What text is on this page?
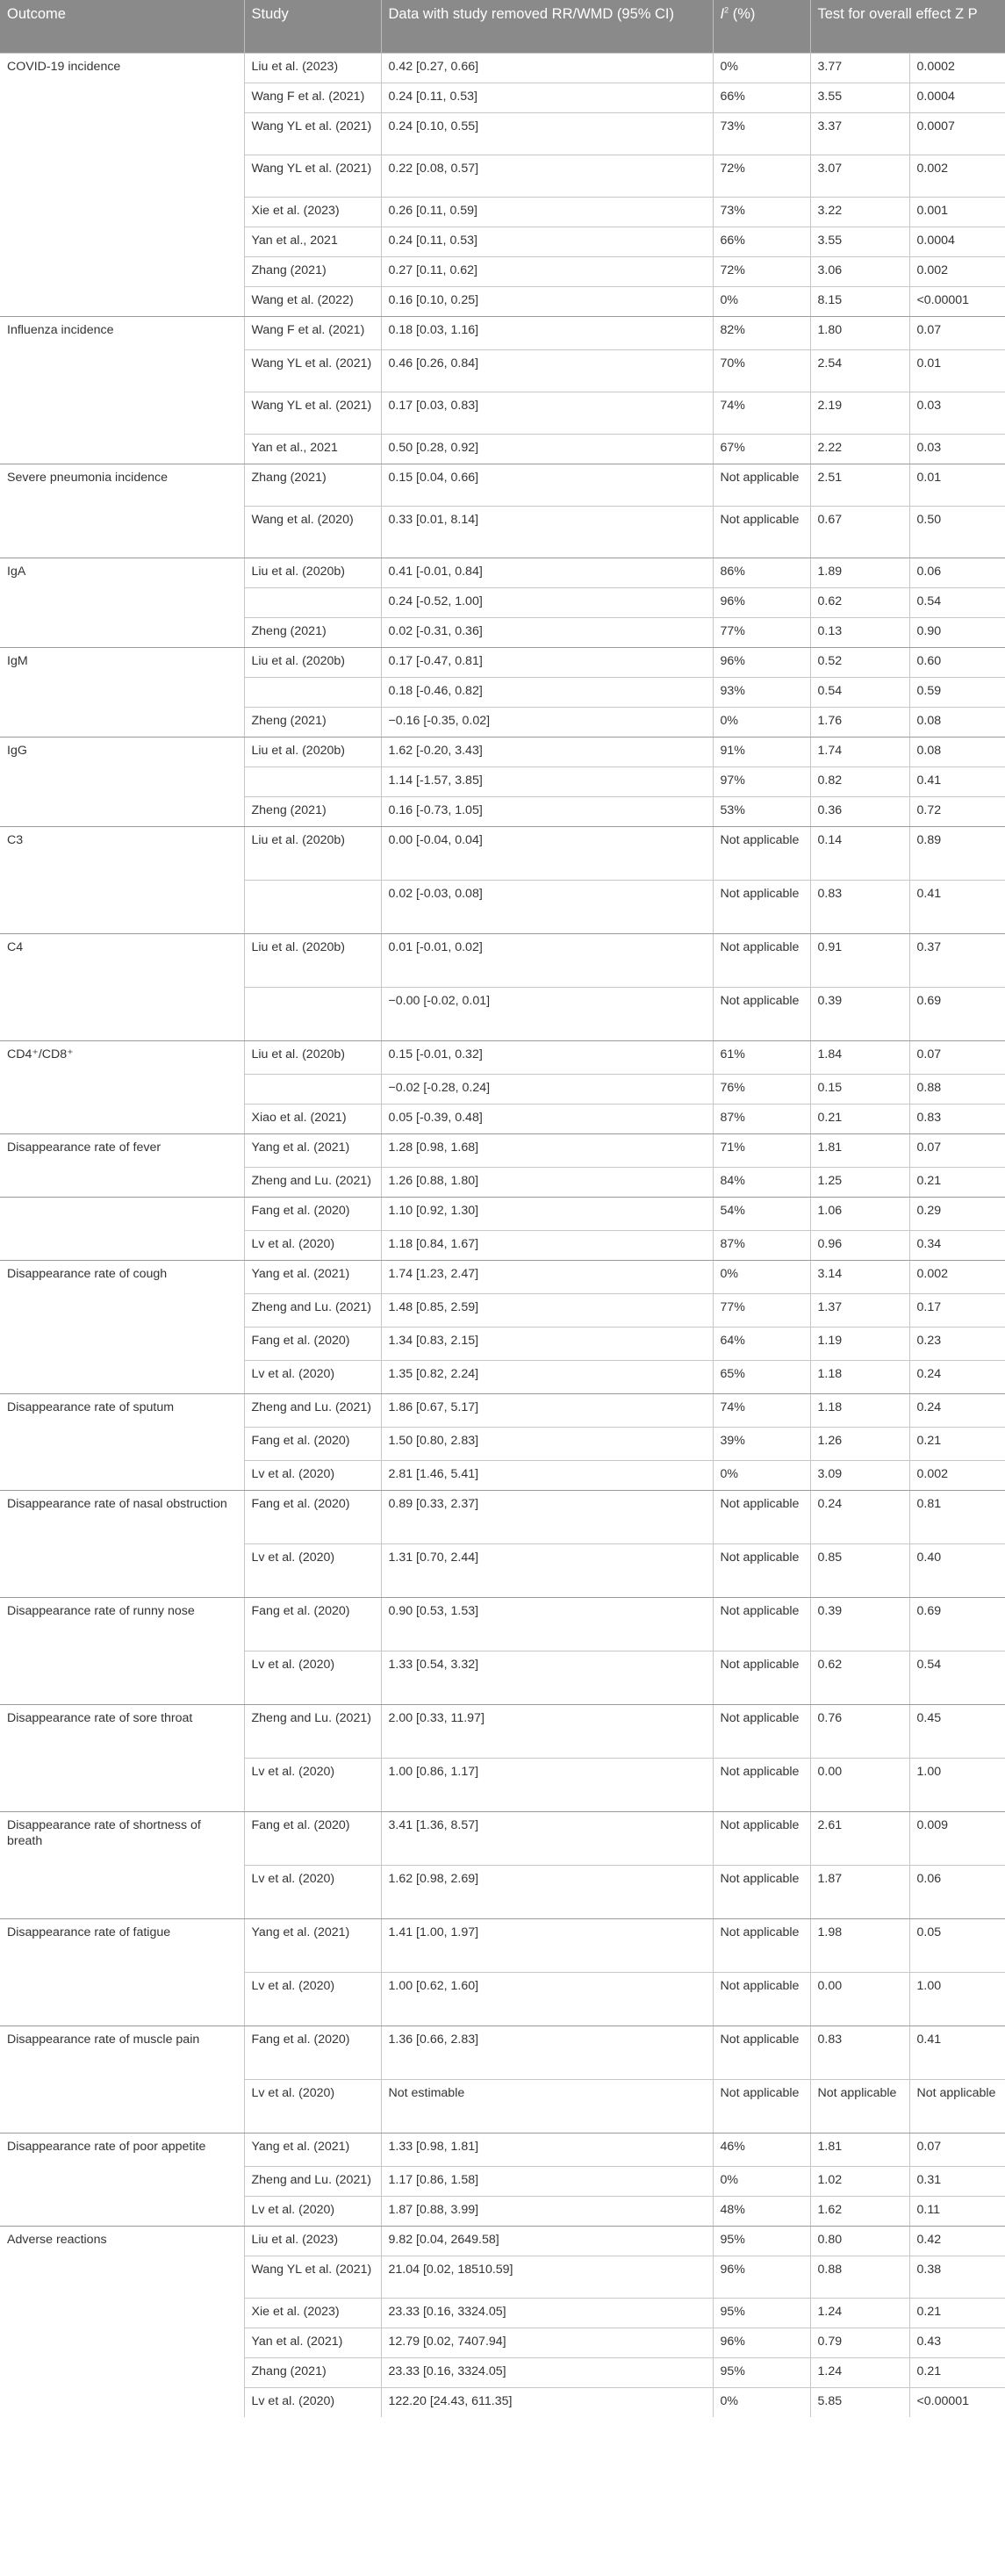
Outcome	Study	Data with study removed RR/WMD (95% CI)	$I^2$ (%)	Test for overall effect Z P	
COVID-19 incidence	Liu et al. (2023)	0.42 [0.27, 0.66]	0%	3.77	0.0002
	Wang F et al. (2021)	0.24 [0.11, 0.53]	66%	3.55	0.0004
	Wang YL et al. (2021)	0.24 [0.10, 0.55]	73%	3.37	0.0007
	Wang YL et al. (2021)	0.22 [0.08, 0.57]	72%	3.07	0.002
	Xie et al. (2023)	0.26 [0.11, 0.59]	73%	3.22	0.001
	Yan et al., 2021	0.24 [0.11, 0.53]	66%	3.55	0.0004
	Zhang (2021)	0.27 [0.11, 0.62]	72%	3.06	0.002
	Wang et al. (2022)	0.16 [0.10, 0.25]	0%	8.15	<0.00001
Influenza incidence	Wang F et al. (2021)	0.18 [0.03, 1.16]	82%	1.80	0.07
	Wang YL et al. (2021)	0.46 [0.26, 0.84]	70%	2.54	0.01
	Wang YL et al. (2021)	0.17 [0.03, 0.83]	74%	2.19	0.03
	Yan et al., 2021	0.50 [0.28, 0.92]	67%	2.22	0.03
Severe pneumonia incidence	Zhang (2021)	0.15 [0.04, 0.66]	Not applicable	2.51	0.01
	Wang et al. (2020)	0.33 [0.01, 8.14]	Not applicable	0.67	0.50
IgA	Liu et al. (2020b)	0.41 [-0.01, 0.84]	86%	1.89	0.06
		0.24 [-0.52, 1.00]	96%	0.62	0.54
	Zheng (2021)	0.02 [-0.31, 0.36]	77%	0.13	0.90
IgM	Liu et al. (2020b)	0.17 [-0.47, 0.81]	96%	0.52	0.60
		0.18 [-0.46, 0.82]	93%	0.54	0.59
	Zheng (2021)	−0.16 [-0.35, 0.02]	0%	1.76	0.08
IgG	Liu et al. (2020b)	1.62 [-0.20, 3.43]	91%	1.74	0.08
		1.14 [-1.57, 3.85]	97%	0.82	0.41
	Zheng (2021)	0.16 [-0.73, 1.05]	53%	0.36	0.72
C3	Liu et al. (2020b)	0.00 [-0.04, 0.04]	Not applicable	0.14	0.89
		0.02 [-0.03, 0.08]	Not applicable	0.83	0.41
C4	Liu et al. (2020b)	0.01 [-0.01, 0.02]	Not applicable	0.91	0.37
		−0.00 [-0.02, 0.01]	Not applicable	0.39	0.69
CD4⁺/CD8⁺	Liu et al. (2020b)	0.15 [-0.01, 0.32]	61%	1.84	0.07
		−0.02 [-0.28, 0.24]	76%	0.15	0.88
	Xiao et al. (2021)	0.05 [-0.39, 0.48]	87%	0.21	0.83
Disappearance rate of fever	Yang et al. (2021)	1.28 [0.98, 1.68]	71%	1.81	0.07
	Zheng and Lu. (2021)	1.26 [0.88, 1.80]	84%	1.25	0.21
	Fang et al. (2020)	1.10 [0.92, 1.30]	54%	1.06	0.29
	Lv et al. (2020)	1.18 [0.84, 1.67]	87%	0.96	0.34
Disappearance rate of cough	Yang et al. (2021)	1.74 [1.23, 2.47]	0%	3.14	0.002
	Zheng and Lu. (2021)	1.48 [0.85, 2.59]	77%	1.37	0.17
	Fang et al. (2020)	1.34 [0.83, 2.15]	64%	1.19	0.23
	Lv et al. (2020)	1.35 [0.82, 2.24]	65%	1.18	0.24
Disappearance rate of sputum	Zheng and Lu. (2021)	1.86 [0.67, 5.17]	74%	1.18	0.24
	Fang et al. (2020)	1.50 [0.80, 2.83]	39%	1.26	0.21
	Lv et al. (2020)	2.81 [1.46, 5.41]	0%	3.09	0.002
Disappearance rate of nasal obstruction	Fang et al. (2020)	0.89 [0.33, 2.37]	Not applicable	0.24	0.81
	Lv et al. (2020)	1.31 [0.70, 2.44]	Not applicable	0.85	0.40
Disappearance rate of runny nose	Fang et al. (2020)	0.90 [0.53, 1.53]	Not applicable	0.39	0.69
	Lv et al. (2020)	1.33 [0.54, 3.32]	Not applicable	0.62	0.54
Disappearance rate of sore throat	Zheng and Lu. (2021)	2.00 [0.33, 11.97]	Not applicable	0.76	0.45
	Lv et al. (2020)	1.00 [0.86, 1.17]	Not applicable	0.00	1.00
Disappearance rate of shortness of breath	Fang et al. (2020)	3.41 [1.36, 8.57]	Not applicable	2.61	0.009
	Lv et al. (2020)	1.62 [0.98, 2.69]	Not applicable	1.87	0.06
Disappearance rate of fatigue	Yang et al. (2021)	1.41 [1.00, 1.97]	Not applicable	1.98	0.05
	Lv et al. (2020)	1.00 [0.62, 1.60]	Not applicable	0.00	1.00
Disappearance rate of muscle pain	Fang et al. (2020)	1.36 [0.66, 2.83]	Not applicable	0.83	0.41
	Lv et al. (2020)	Not estimable	Not applicable	Not applicable	Not applicable
Disappearance rate of poor appetite	Yang et al. (2021)	1.33 [0.98, 1.81]	46%	1.81	0.07
	Zheng and Lu. (2021)	1.17 [0.86, 1.58]	0%	1.02	0.31
	Lv et al. (2020)	1.87 [0.88, 3.99]	48%	1.62	0.11
Adverse reactions	Liu et al. (2023)	9.82 [0.04, 2649.58]	95%	0.80	0.42
	Wang YL et al. (2021)	21.04 [0.02, 18510.59]	96%	0.88	0.38
	Xie et al. (2023)	23.33 [0.16, 3324.05]	95%	1.24	0.21
	Yan et al. (2021)	12.79 [0.02, 7407.94]	96%	0.79	0.43
	Zhang (2021)	23.33 [0.16, 3324.05]	95%	1.24	0.21
	Lv et al. (2020)	122.20 [24.43, 611.35]	0%	5.85	<0.00001
